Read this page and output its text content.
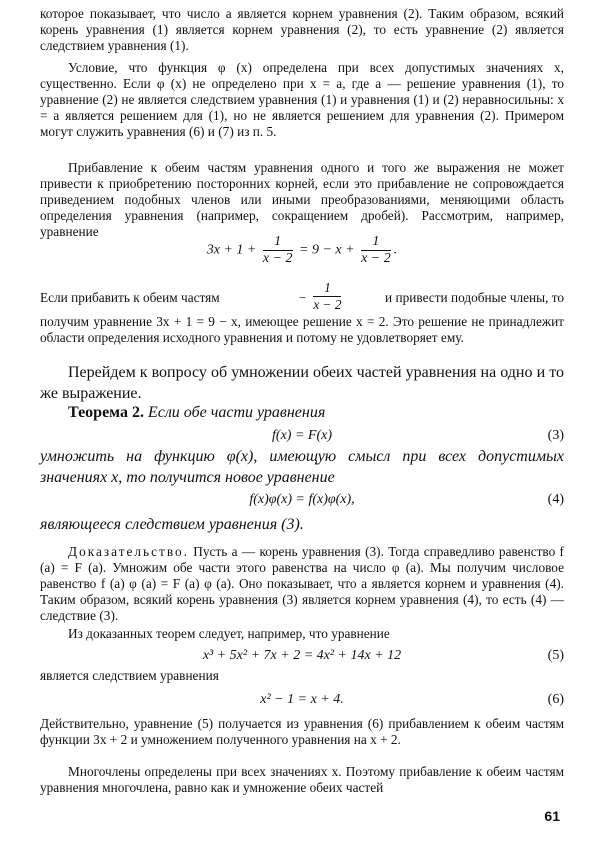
которое показывает, что число a является корнем уравнения (2). Таким образом, всякий корень уравнения (1) является корнем уравнения (2), то есть уравнение (2) является следствием уравнения (1).

Условие, что функция φ (x) определена при всех допустимых значениях x, существенно. Если φ (x) не определено при x = a, где a — решение уравнения (1), то уравнение (2) не является следствием уравнения (1) и уравнения (1) и (2) неравносильны: x = a является решением для (1), но не является решением для уравнения (2). Примером могут служить уравнения (6) и (7) из п. 5.

Прибавление к обеим частям уравнения одного и того же выражения не может привести к приобретению посторонних корней, если это прибавление не сопровождается приведением подобных членов или иными преобразованиями, меняющими область определения уравнения (например, сокращением дробей). Рассмотрим, например, уравнение

$3x + 1 + \frac{1}{x - 2} = 9 - x + \frac{1}{x - 2}$ .
Если прибавить к обеим частям	− $\frac{1}{x - 2}$	и привести подобные члены, то

получим уравнение 3x + 1 = 9 − x, имеющее решение x = 2. Это решение не принадлежит области определения исходного уравнения и потому не удовлетворяет ему.

Перейдем к вопросу об умножении обеих частей уравнения на одно и то же выражение.

Теорема 2. Если обе части уравнения

f(x) = F(x)	(3)

умножить на функцию φ(x), имеющую смысл при всех допустимых значениях x, то получится новое уравнение

f(x)φ(x) = f(x)φ(x),	(4)

являющееся следствием уравнения (3).

Доказательство. Пусть a — корень уравнения (3). Тогда справедливо равенство f (a) = F (a). Умножим обе части этого равенства на число φ (a). Мы получим числовое равенство f (a) φ (a) = F (a) φ (a). Оно показывает, что a является корнем и уравнения (4). Таким образом, всякий корень уравнения (3) является корнем уравнения (4), то есть (4) — следствие (3).

Из доказанных теорем следует, например, что уравнение

x³ + 5x² + 7x + 2 = 4x² + 14x + 12	(5)

является следствием уравнения

x² − 1 = x + 4.	(6)

Действительно, уравнение (5) получается из уравнения (6) прибавлением к обеим частям функции 3x + 2 и умножением полученного уравнения на x + 2.

Многочлены определены при всех значениях x. Поэтому прибавление к обеим частям уравнения многочлена, равно как и умножение обеих частей

61
